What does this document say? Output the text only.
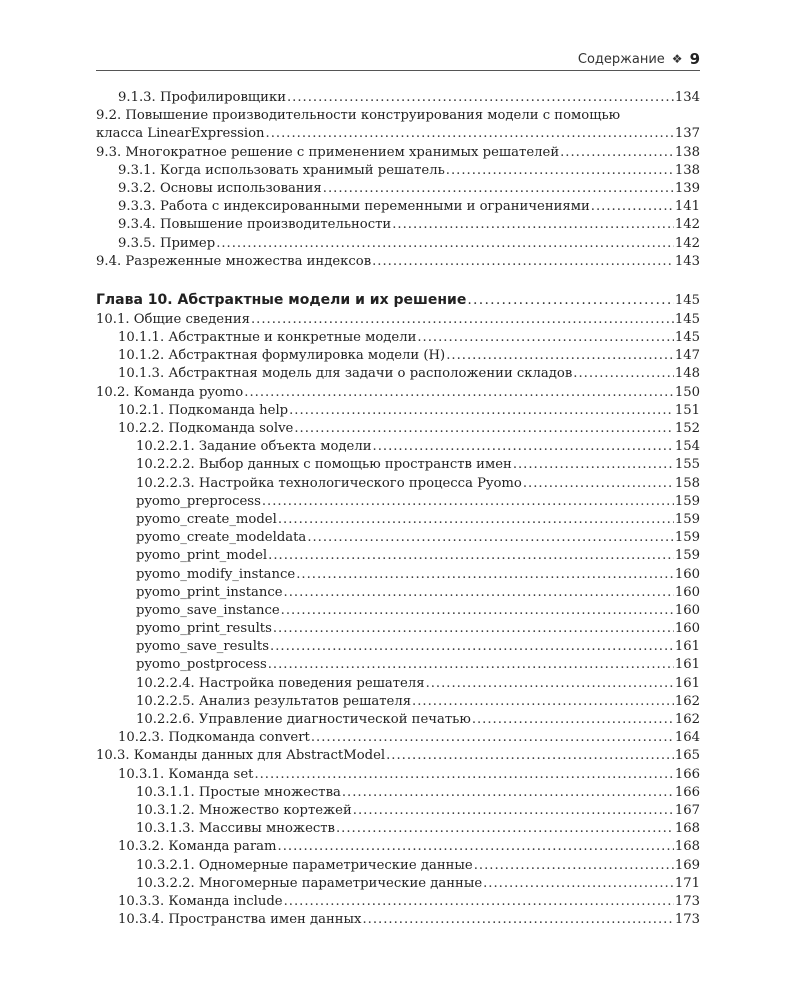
Содержание ❖ 9
9.1.3. Профилировщики . . .	134
9.2. Повышение производительности конструирования модели с помощью
класса LinearExpression . . .	137
9.3. Многократное решение с применением хранимых решателей . . .	138
9.3.1. Когда использовать хранимый решатель . . .	138
9.3.2. Основы использования . . .	139
9.3.3. Работа с индексированными переменными и ограничениями . . .	141
9.3.4. Повышение производительности . . .	142
9.3.5. Пример . . .	142
9.4. Разреженные множества индексов . . .	143
Глава 10. Абстрактные модели и их решение . . .	145
10.1. Общие сведения . . .	145
10.1.1. Абстрактные и конкретные модели . . .	145
10.1.2. Абстрактная формулировка модели (H) . . .	147
10.1.3. Абстрактная модель для задачи о расположении складов . . .	148
10.2. Команда pyomo . . .	150
10.2.1. Подкоманда help . . .	151
10.2.2. Подкоманда solve . . .	152
10.2.2.1. Задание объекта модели . . .	154
10.2.2.2. Выбор данных с помощью пространств имен . . .	155
10.2.2.3. Настройка технологического процесса Pyomo . . .	158
pyomo_preprocess . . .	159
pyomo_create_model . . .	159
pyomo_create_modeldata . . .	159
pyomo_print_model . . .	159
pyomo_modify_instance . . .	160
pyomo_print_instance . . .	160
pyomo_save_instance . . .	160
pyomo_print_results . . .	160
pyomo_save_results . . .	161
pyomo_postprocess . . .	161
10.2.2.4. Настройка поведения решателя . . .	161
10.2.2.5. Анализ результатов решателя . . .	162
10.2.2.6. Управление диагностической печатью . . .	162
10.2.3. Подкоманда convert . . .	164
10.3. Команды данных для AbstractModel . . .	165
10.3.1. Команда set . . .	166
10.3.1.1. Простые множества . . .	166
10.3.1.2. Множество кортежей . . .	167
10.3.1.3. Массивы множеств . . .	168
10.3.2. Команда param . . .	168
10.3.2.1. Одномерные параметрические данные . . .	169
10.3.2.2. Многомерные параметрические данные . . .	171
10.3.3. Команда include . . .	173
10.3.4. Пространства имен данных . . .	173
